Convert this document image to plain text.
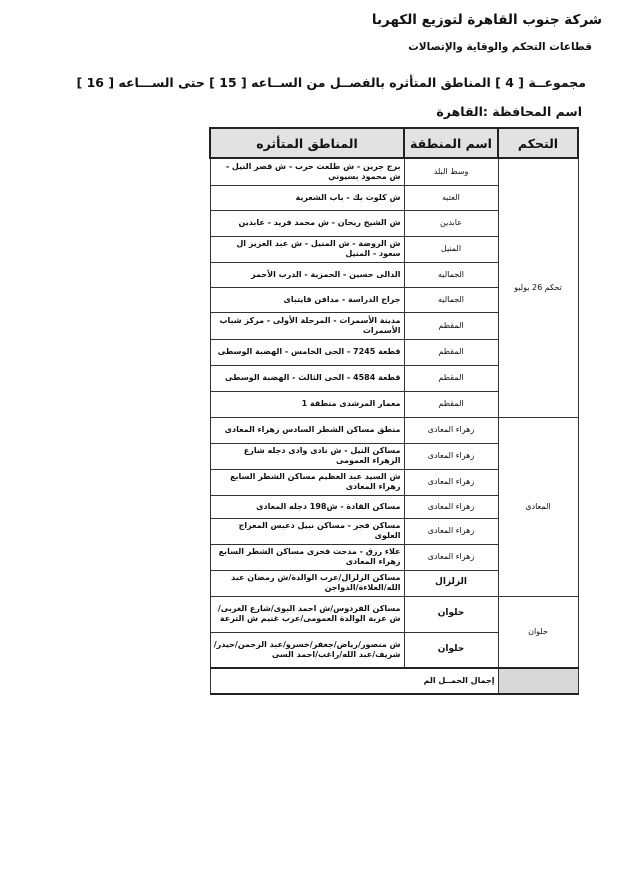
شركة جنوب القاهرة لتوزيع الكهربا
قطاعات التحكم والوقاية والإتصالات
مجموعــة [ 4 ] المناطق المتأثره بالفصــل من الســاعه [ 15 ] حتى الســـاعه [ 16 ]
اسم المحافظة :القاهرة
التحكم	اسم المنطقة	المناطق المتأثره
تحكم 26 يوليو	وسط البلد	برج جرين - ش طلعت حرب - ش قصر النيل - ش محمود بسيوني
	العتبه	ش كلوت بك - باب الشعرية
	عابدين	ش الشيخ ريحان - ش محمد فريد - عابدين
	المنيل	ش الروضة - ش المنيل - ش عبد العزيز ال سعود - المنيل
	الجماليه	الدالى حسين - الحمزية - الدرب الأحمر
	الجماليه	جراج الدراسة - مدافن قايتباى
	المقطم	مدينة الأسمرات - المرحلة الأولى - مركز شباب الأسمرات
	المقطم	قطعة 7245 - الحى الخامس - الهضبة الوسطى
	المقطم	قطعة 4584 - الحى الثالث - الهضبة الوسطى
	المقطم	معمار المرشدى منطقة 1
المعادى	زهراء المعادى	منطق مساكن الشطر السادس زهراء المعادى
	زهراء المعادى	مساكن النيل - ش نادى وادى دجله شارع الزهراء العمومى
	زهراء المعادى	ش السيد عبد العظيم مساكن الشطر السابع زهراء المعادى
	زهراء المعادى	مساكن القادة - ش198 دجله المعادى
	زهراء المعادى	مساكن فجر - مساكن نبيل دعبس المعراج العلوى
	زهراء المعادى	علاء رزق - مدحت فخرى مساكن الشطر السابع زهراء المعادى
	الزلزال	مساكن الزلزال/عرب الوالدة/ش رمضان عبد الله/العلاءة/الدواجن
حلوان	حلوان	مساكن الفردوس/ش احمد البوى/شارع الغربى/ش عزبة الوالدة العمومى/عرب غنيم ش الترعة
	حلوان	ش منصور/رياض/جعفر/خسرو/عبد الرحمن/حيدر/شريف/عبد الله/راغب/احمد السى
	إجمال الحمــل الم	
